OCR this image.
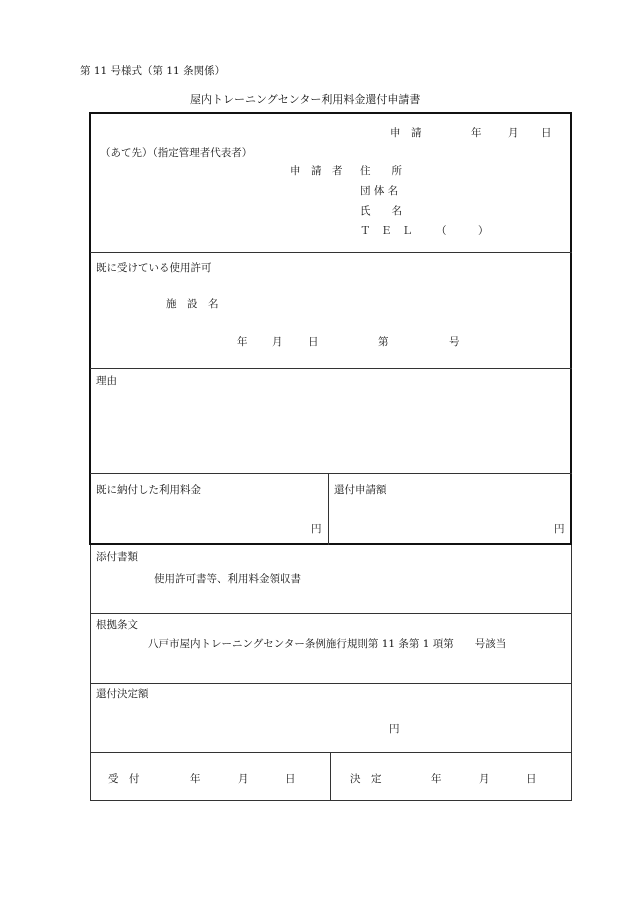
第 11 号様式（第 11 条関係）
屋内トレーニングセンター利用料金還付申請書
申　請	年	月 日
（あて先）（指定管理者代表者）
申　請　者 住　　所
団 体 名
氏　　名
Ｔ　Ｅ　Ｌ （　　　）
既に受けている使用許可
施　設　名
年 月 日	第	号
理由
既に納付した利用料金
円
還付申請額
円
添付書類
使用許可書等、利用料金領収書
根拠条文
八戸市屋内トレーニングセンター条例施行規則第 11 条第 1 項第　　号該当
還付決定額
円
受　付	年	月	日	決　定	年	月	日
